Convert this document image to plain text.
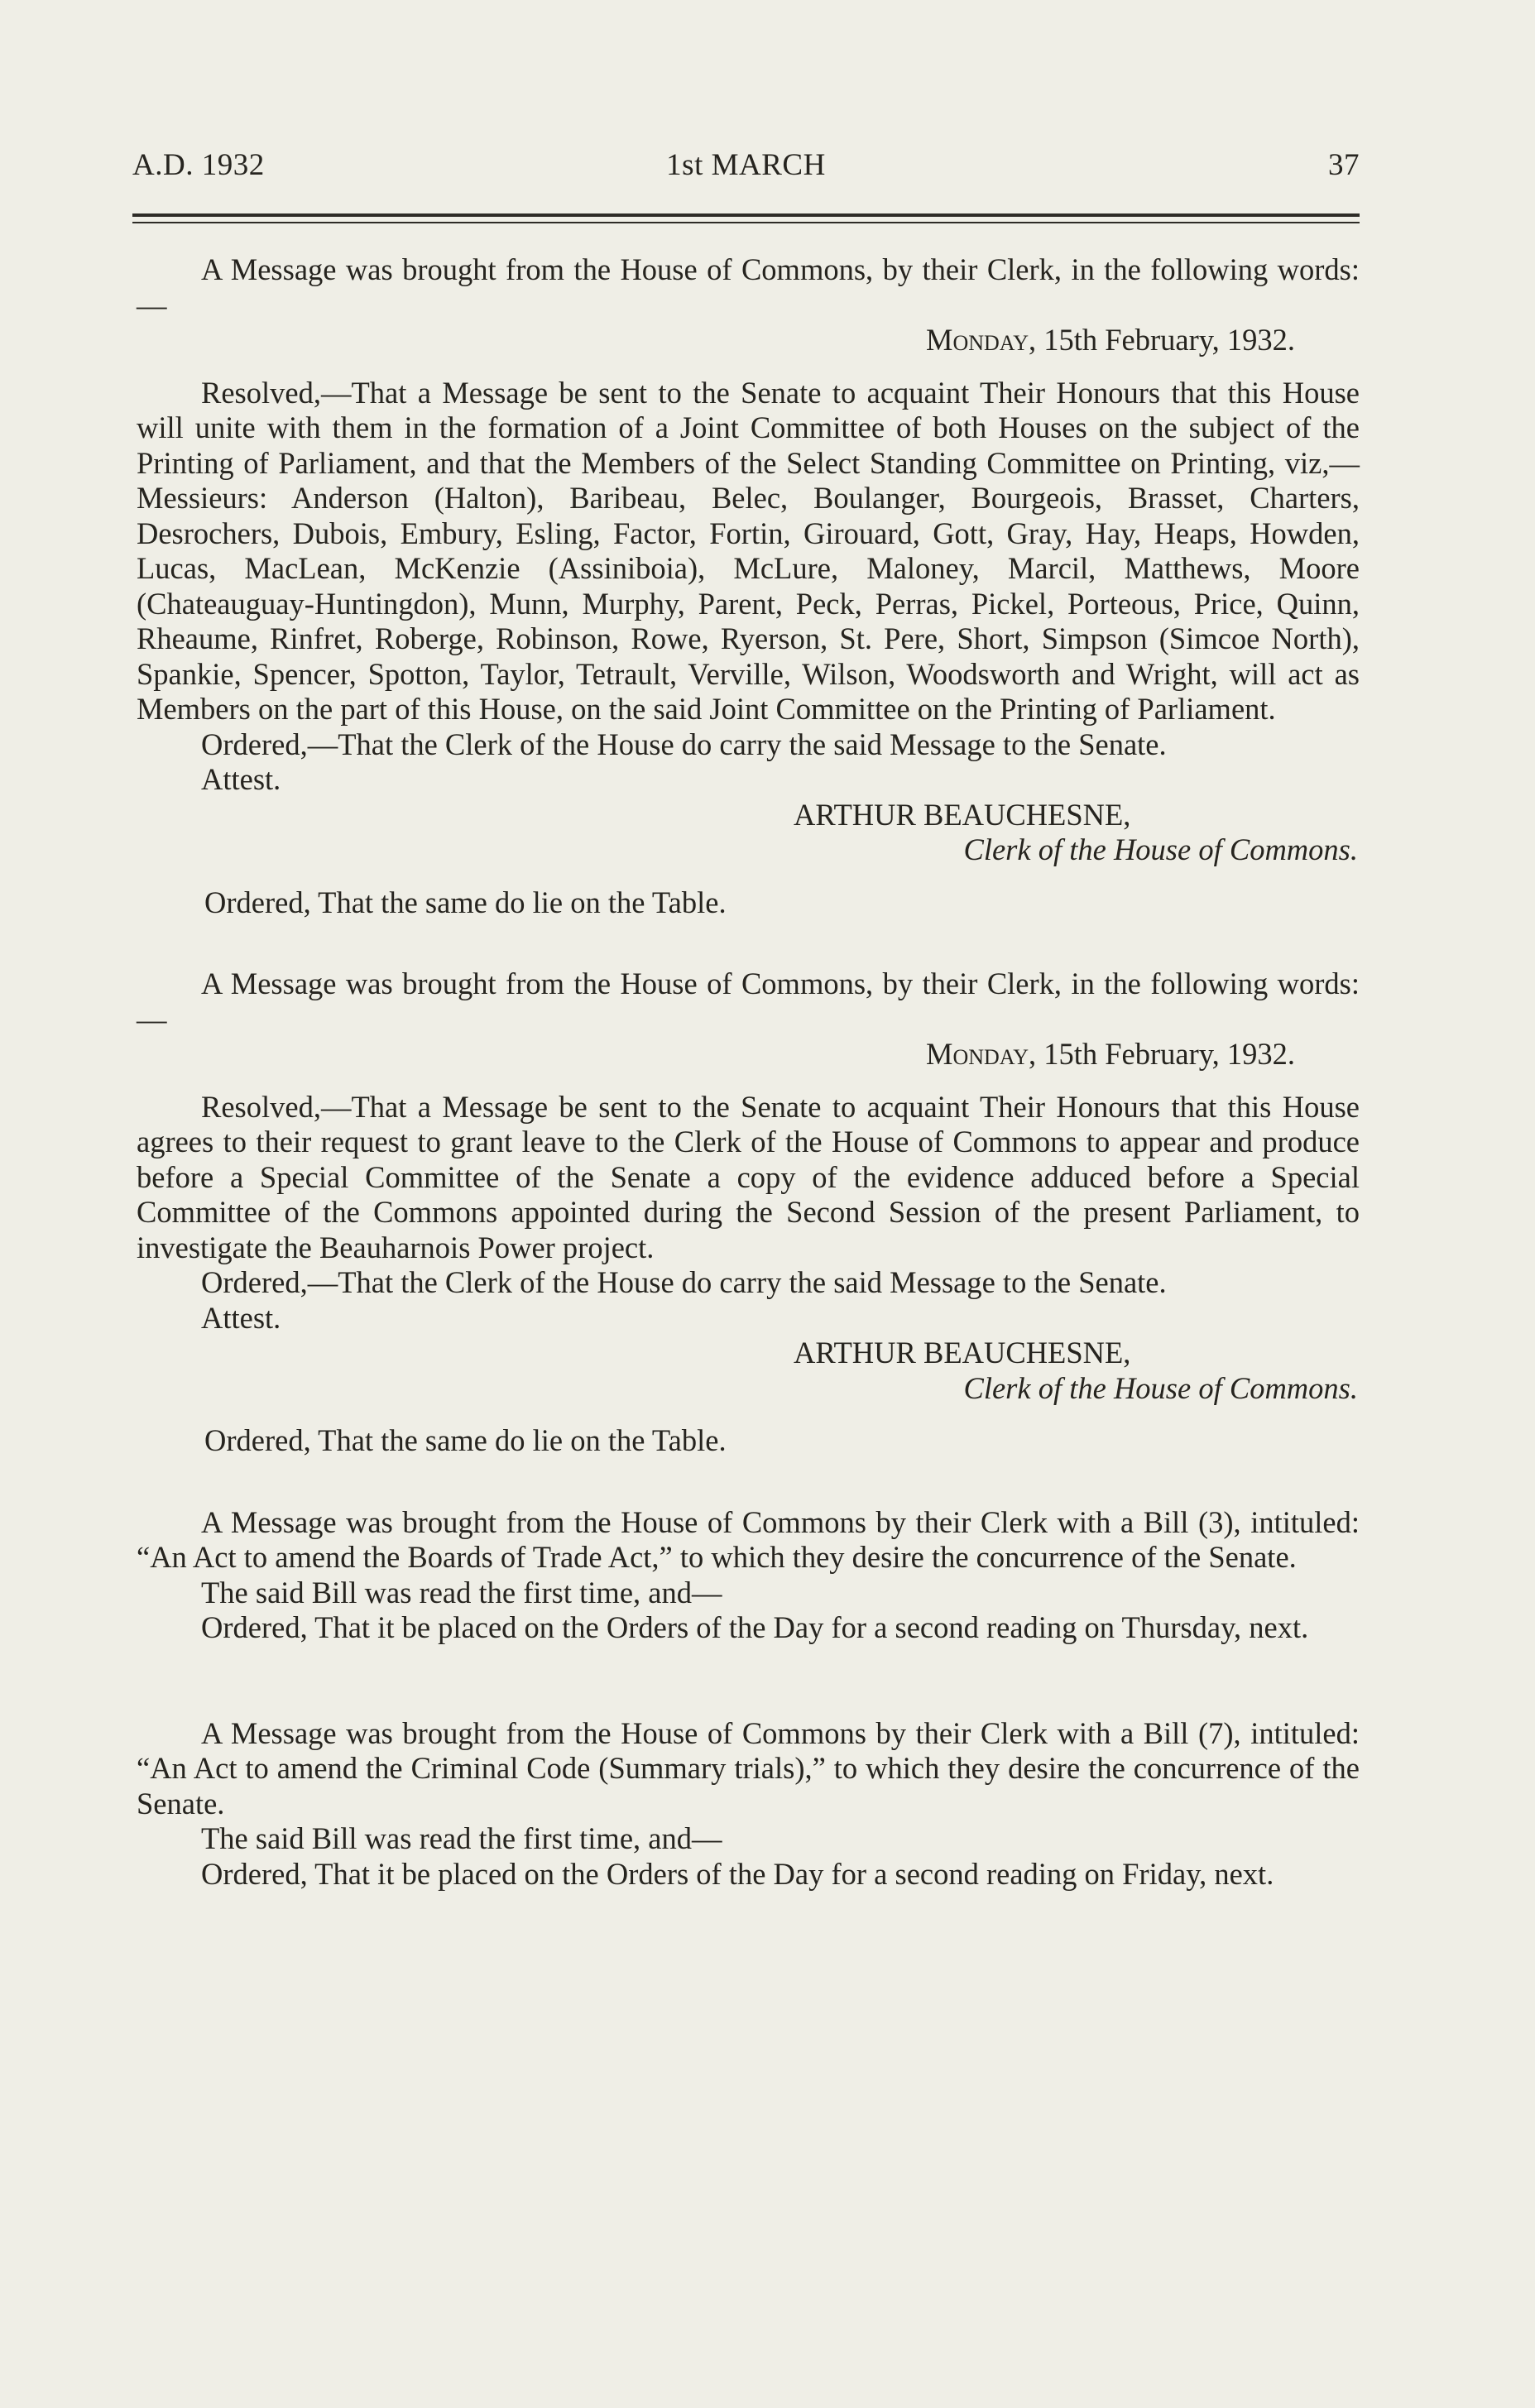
A.D. 1932	1st MARCH	37

A Message was brought from the House of Commons, by their Clerk, in the following words:—

Monday, 15th February, 1932.

Resolved,—That a Message be sent to the Senate to acquaint Their Honours that this House will unite with them in the formation of a Joint Committee of both Houses on the subject of the Printing of Parliament, and that the Members of the Select Standing Committee on Printing, viz,—Messieurs: Anderson (Halton), Baribeau, Belec, Boulanger, Bourgeois, Brasset, Charters, Desrochers, Dubois, Embury, Esling, Factor, Fortin, Girouard, Gott, Gray, Hay, Heaps, Howden, Lucas, MacLean, McKenzie (Assiniboia), McLure, Maloney, Marcil, Matthews, Moore (Chateauguay-Huntingdon), Munn, Murphy, Parent, Peck, Perras, Pickel, Porteous, Price, Quinn, Rheaume, Rinfret, Roberge, Robinson, Rowe, Ryerson, St. Pere, Short, Simpson (Simcoe North), Spankie, Spencer, Spotton, Taylor, Tetrault, Verville, Wilson, Woodsworth and Wright, will act as Members on the part of this House, on the said Joint Committee on the Printing of Parliament.

Ordered,—That the Clerk of the House do carry the said Message to the Senate.

Attest.
ARTHUR BEAUCHESNE,
Clerk of the House of Commons.
Ordered, That the same do lie on the Table.

A Message was brought from the House of Commons, by their Clerk, in the following words:—

Monday, 15th February, 1932.

Resolved,—That a Message be sent to the Senate to acquaint Their Honours that this House agrees to their request to grant leave to the Clerk of the House of Commons to appear and produce before a Special Committee of the Senate a copy of the evidence adduced before a Special Committee of the Commons appointed during the Second Session of the present Parliament, to investigate the Beauharnois Power project.

Ordered,—That the Clerk of the House do carry the said Message to the Senate.

Attest.
ARTHUR BEAUCHESNE,
Clerk of the House of Commons.
Ordered, That the same do lie on the Table.

A Message was brought from the House of Commons by their Clerk with a Bill (3), intituled: “An Act to amend the Boards of Trade Act,” to which they desire the concurrence of the Senate.

The said Bill was read the first time, and—

Ordered, That it be placed on the Orders of the Day for a second reading on Thursday, next.

A Message was brought from the House of Commons by their Clerk with a Bill (7), intituled: “An Act to amend the Criminal Code (Summary trials),” to which they desire the concurrence of the Senate.

The said Bill was read the first time, and—

Ordered, That it be placed on the Orders of the Day for a second reading on Friday, next.
